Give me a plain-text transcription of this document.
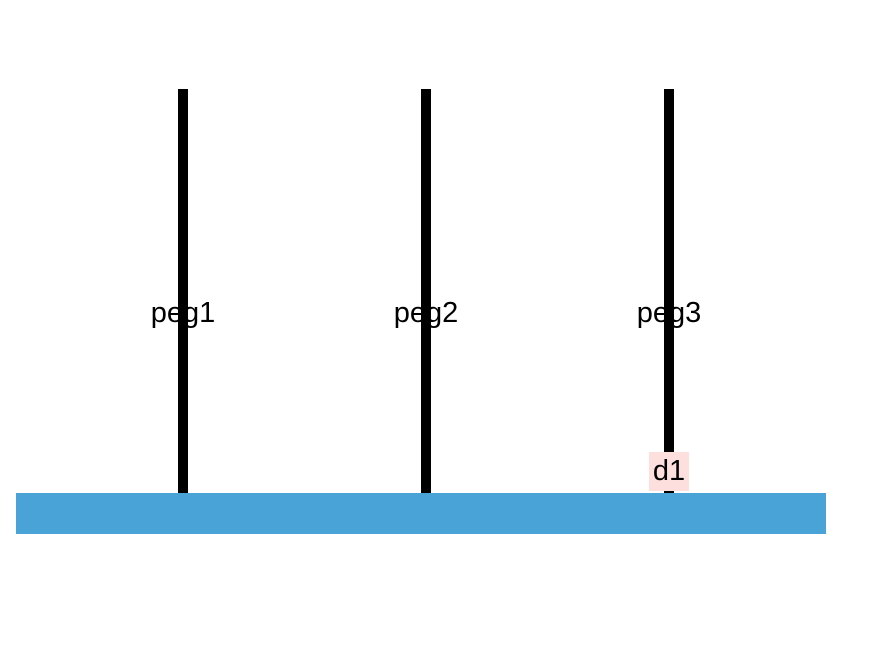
peg1	peg2	peg3
d1
